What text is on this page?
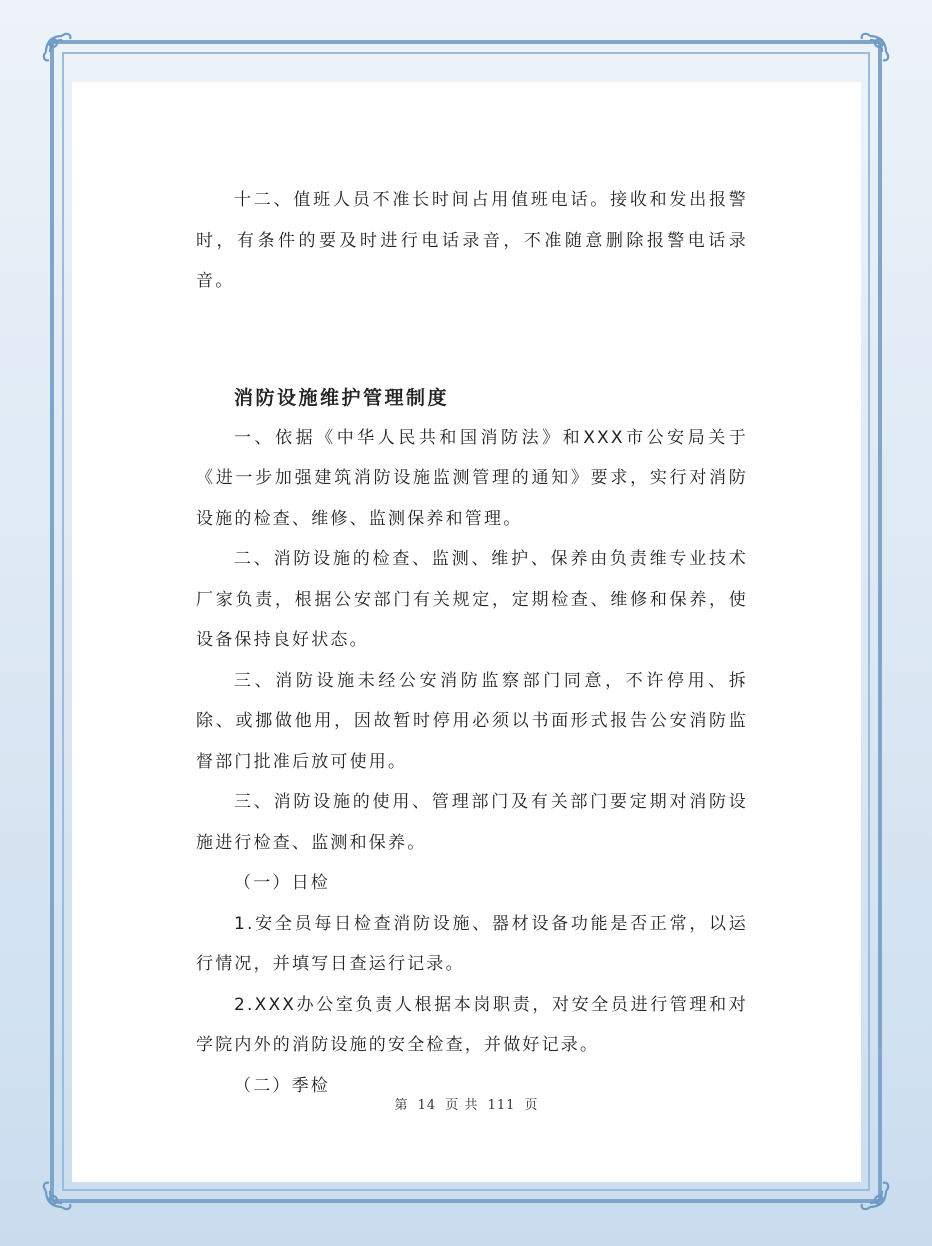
十二、值班人员不准长时间占用值班电话。接收和发出报警时，有条件的要及时进行电话录音，不准随意删除报警电话录音。

消防设施维护管理制度

一、依据《中华人民共和国消防法》和XXX市公安局关于《进一步加强建筑消防设施监测管理的通知》要求，实行对消防设施的检查、维修、监测保养和管理。

二、消防设施的检查、监测、维护、保养由负责维专业技术厂家负责，根据公安部门有关规定，定期检查、维修和保养，使设备保持良好状态。

三、消防设施未经公安消防监察部门同意，不许停用、拆除、或挪做他用，因故暂时停用必须以书面形式报告公安消防监督部门批准后放可使用。

三、消防设施的使用、管理部门及有关部门要定期对消防设施进行检查、监测和保养。

（一）日检

1.安全员每日检查消防设施、器材设备功能是否正常，以运行情况，并填写日查运行记录。

2.XXX办公室负责人根据本岗职责，对安全员进行管理和对学院内外的消防设施的安全检查，并做好记录。

（二）季检

第 14 页 共 111 页
